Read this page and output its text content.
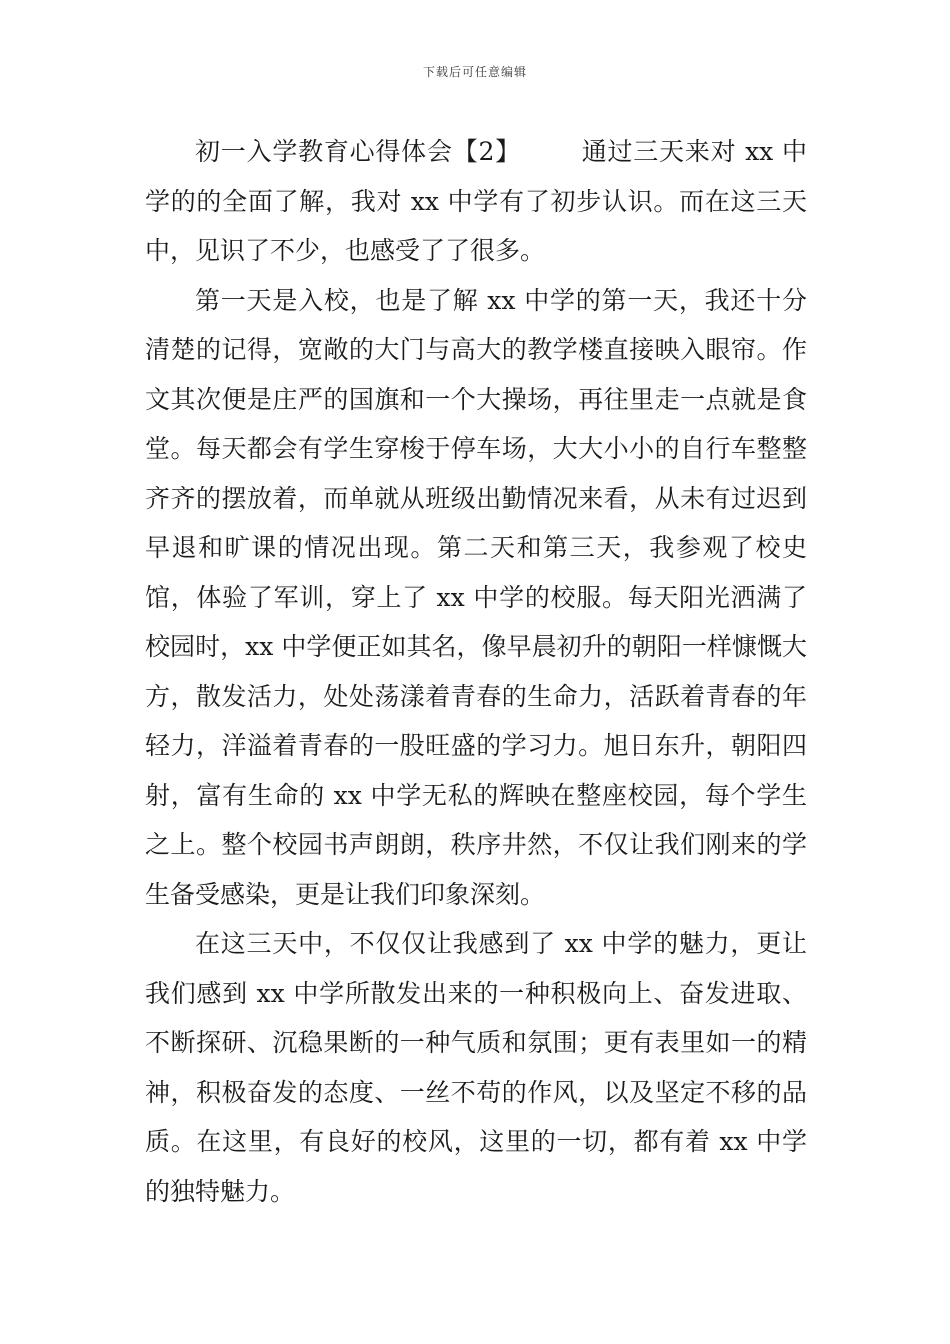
下载后可任意编辑

初一入学教育心得体会【2】 通过三天来对 xx 中学的的全面了解，我对 xx 中学有了初步认识。而在这三天中，见识了不少，也感受了了很多。

第一天是入校，也是了解 xx 中学的第一天，我还十分清楚的记得，宽敞的大门与高大的教学楼直接映入眼帘。作文其次便是庄严的国旗和一个大操场，再往里走一点就是食堂。每天都会有学生穿梭于停车场，大大小小的自行车整整齐齐的摆放着，而单就从班级出勤情况来看，从未有过迟到早退和旷课的情况出现。第二天和第三天，我参观了校史馆，体验了军训，穿上了 xx 中学的校服。每天阳光洒满了校园时，xx 中学便正如其名，像早晨初升的朝阳一样慷慨大方，散发活力，处处荡漾着青春的生命力，活跃着青春的年轻力，洋溢着青春的一股旺盛的学习力。旭日东升，朝阳四射，富有生命的 xx 中学无私的辉映在整座校园，每个学生之上。整个校园书声朗朗，秩序井然，不仅让我们刚来的学生备受感染，更是让我们印象深刻。

在这三天中，不仅仅让我感到了 xx 中学的魅力，更让我们感到 xx 中学所散发出来的一种积极向上、奋发进取、不断探研、沉稳果断的一种气质和氛围；更有表里如一的精神，积极奋发的态度、一丝不苟的作风，以及坚定不移的品质。在这里，有良好的校风，这里的一切，都有着 xx 中学的独特魅力。
